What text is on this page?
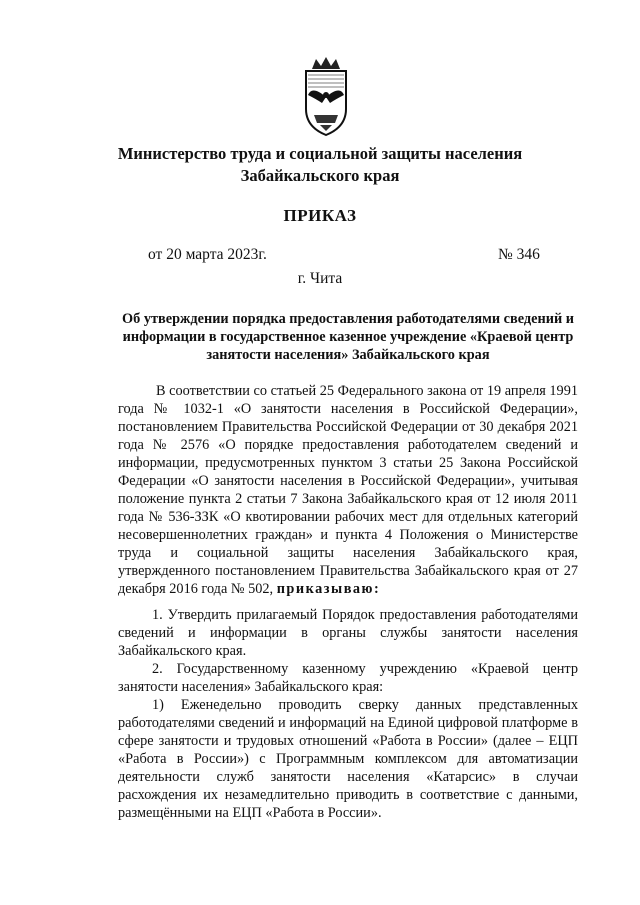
Министерство труда и социальной защиты населения
Забайкальского края
ПРИКАЗ
от 20 марта 2023г.	№ 346
г. Чита
Об утверждении порядка предоставления работодателями сведений и информации в государственное казенное учреждение «Краевой центр занятости населения» Забайкальского края
В соответствии со статьей 25 Федерального закона от 19 апреля 1991 года № 1032-1 «О занятости населения в Российской Федерации», постановлением Правительства Российской Федерации от 30 декабря 2021 года № 2576 «О порядке предоставления работодателем сведений и информации, предусмотренных пунктом 3 статьи 25 Закона Российской Федерации «О занятости населения в Российской Федерации», учитывая положение пункта 2 статьи 7 Закона Забайкальского края от 12 июля 2011 года № 536-ЗЗК «О квотировании рабочих мест для отдельных категорий несовершеннолетних граждан» и пункта 4 Положения о Министерстве труда и социальной защиты населения Забайкальского края, утвержденного постановлением Правительства Забайкальского края от 27 декабря 2016 года № 502, приказываю:
1. Утвердить прилагаемый Порядок предоставления работодателями сведений и информации в органы службы занятости населения Забайкальского края.
2. Государственному казенному учреждению «Краевой центр занятости населения» Забайкальского края:
1) Еженедельно проводить сверку данных представленных работодателями сведений и информаций на Единой цифровой платформе в сфере занятости и трудовых отношений «Работа в России» (далее – ЕЦП «Работа в России») с Программным комплексом для автоматизации деятельности служб занятости населения «Катарсис» в случаи расхождения их незамедлительно приводить в соответствие с данными, размещёнными на ЕЦП «Работа в России».
